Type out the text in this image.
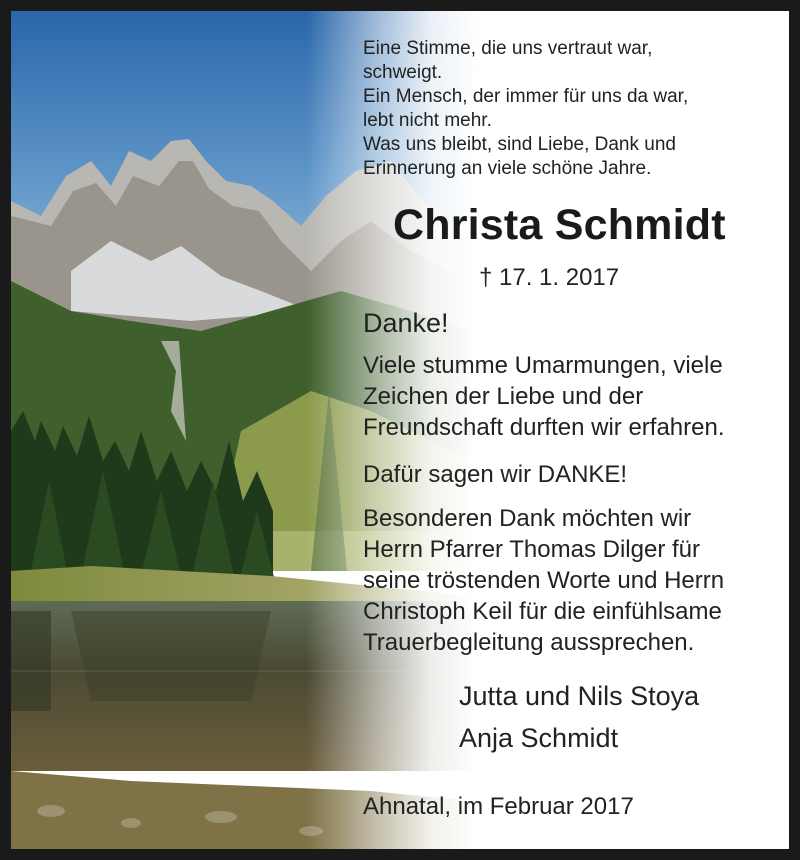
Eine Stimme, die uns vertraut war,
schweigt.
Ein Mensch, der immer für uns da war,
lebt nicht mehr.
Was uns bleibt, sind Liebe, Dank und
Erinnerung an viele schöne Jahre.
Christa Schmidt
† 17. 1. 2017
Danke!
Viele stumme Umarmungen, viele
Zeichen der Liebe und der
Freundschaft durften wir erfahren.
Dafür sagen wir DANKE!
Besonderen Dank möchten wir
Herrn Pfarrer Thomas Dilger für
seine tröstenden Worte und Herrn
Christoph Keil für die einfühlsame
Trauerbegleitung aussprechen.
Jutta und Nils Stoya
Anja Schmidt
Ahnatal, im Februar 2017
